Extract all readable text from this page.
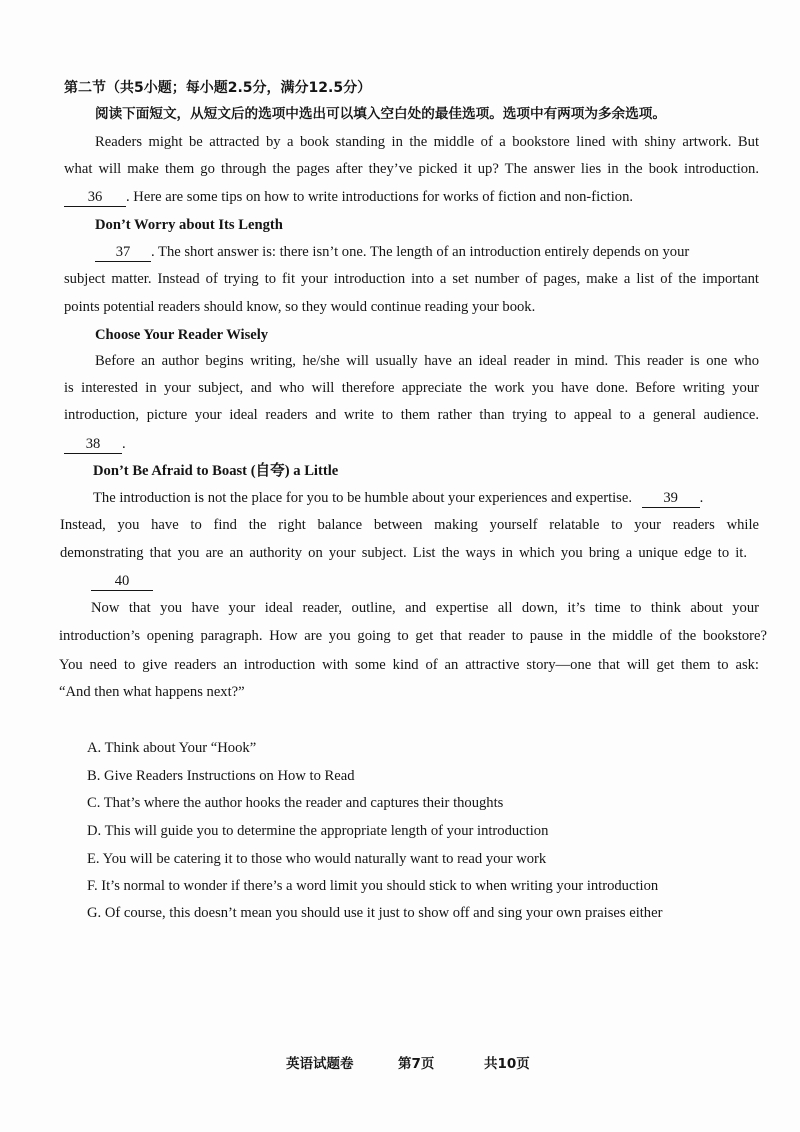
第二节（共5小题；每小题2.5分，满分12.5分）
阅读下面短文，从短文后的选项中选出可以填入空白处的最佳选项。选项中有两项为多余选项。
Readers might be attracted by a book standing in the middle of a bookstore lined with shiny artwork. But
what will make them go through the pages after they’ve picked it up? The answer lies in the book introduction.
36 . Here are some tips on how to write introductions for works of fiction and non-fiction.
Don’t Worry about Its Length
37 . The short answer is: there isn’t one. The length of an introduction entirely depends on your
subject matter. Instead of trying to fit your introduction into a set number of pages, make a list of the important
points potential readers should know, so they would continue reading your book.
Choose Your Reader Wisely
Before an author begins writing, he/she will usually have an ideal reader in mind. This reader is one who
is interested in your subject, and who will therefore appreciate the work you have done. Before writing your
introduction, picture your ideal readers and write to them rather than trying to appeal to a general audience.
38 .
Don’t Be Afraid to Boast (自夸) a Little
The introduction is not the place for you to be humble about your experiences and expertise. 39 .
Instead, you have to find the right balance between making yourself relatable to your readers while
demonstrating that you are an authority on your subject. List the ways in which you bring a unique edge to it.
40
Now that you have your ideal reader, outline, and expertise all down, it’s time to think about your
introduction’s opening paragraph. How are you going to get that reader to pause in the middle of the bookstore?
You need to give readers an introduction with some kind of an attractive story—one that will get them to ask:
“And then what happens next?”
A. Think about Your “Hook”
B. Give Readers Instructions on How to Read
C. That’s where the author hooks the reader and captures their thoughts
D. This will guide you to determine the appropriate length of your introduction
E. You will be catering it to those who would naturally want to read your work
F. It’s normal to wonder if there’s a word limit you should stick to when writing your introduction
G. Of course, this doesn’t mean you should use it just to show off and sing your own praises either
英语试题卷	第7页	共10页
